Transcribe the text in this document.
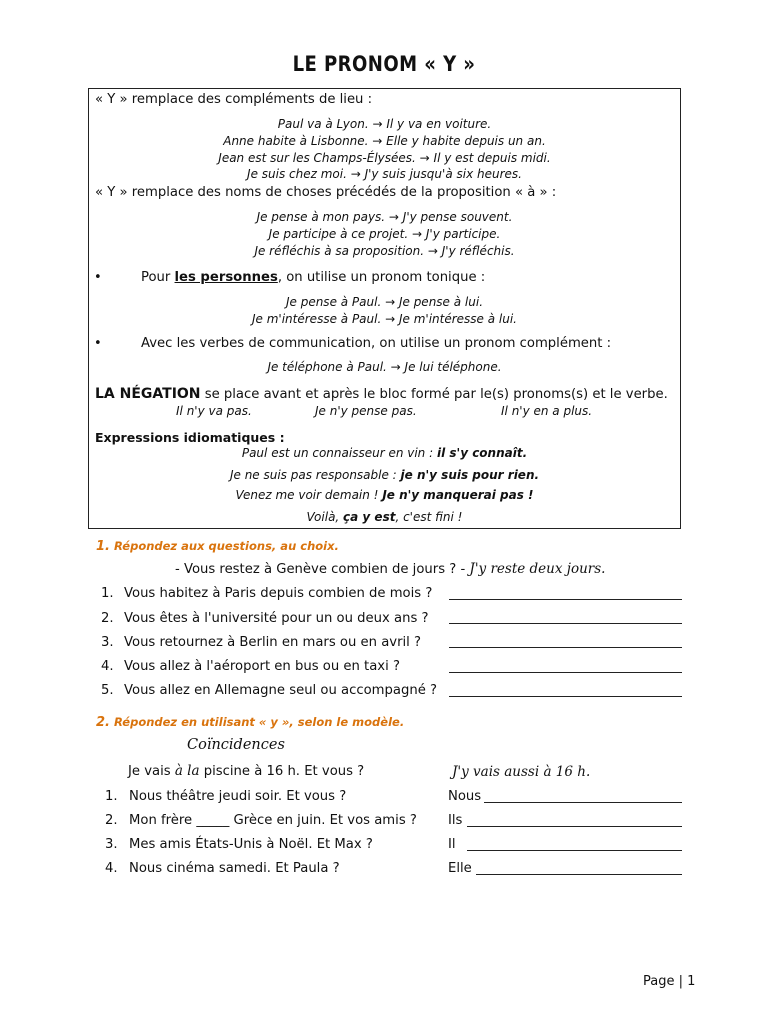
LE PRONOM « Y »
« Y » remplace des compléments de lieu :
Paul va à Lyon. → Il y va en voiture.
Anne habite à Lisbonne. → Elle y habite depuis un an.
Jean est sur les Champs-Élysées. → Il y est depuis midi.
Je suis chez moi. → J'y suis jusqu'à six heures.
« Y » remplace des noms de choses précédés de la proposition « à » :
Je pense à mon pays. → J'y pense souvent.
Je participe à ce projet. → J'y participe.
Je réfléchis à sa proposition. → J'y réfléchis.
•	Pour les personnes, on utilise un pronom tonique :
Je pense à Paul. → Je pense à lui.
Je m'intéresse à Paul. → Je m'intéresse à lui.
•	Avec les verbes de communication, on utilise un pronom complément :
Je téléphone à Paul. → Je lui téléphone.
LA NÉGATION se place avant et après le bloc formé par le(s) pronoms(s) et le verbe.
Il n'y va pas.	Je n'y pense pas.	Il n'y en a plus.
Expressions idiomatiques :
Paul est un connaisseur en vin : il s'y connaît.
Je ne suis pas responsable : je n'y suis pour rien.
Venez me voir demain ! Je n'y manquerai pas !
Voilà, ça y est, c'est fini !
1. Répondez aux questions, au choix.
- Vous restez à Genève combien de jours ? - J'y reste deux jours.
1. Vous habitez à Paris depuis combien de mois ?
2. Vous êtes à l'université pour un ou deux ans ?
3. Vous retournez à Berlin en mars ou en avril ?
4. Vous allez à l'aéroport en bus ou en taxi ?
5. Vous allez en Allemagne seul ou accompagné ?
2. Répondez en utilisant « y », selon le modèle.
Coïncidences
Je vais à la piscine à 16 h. Et vous ?	J'y vais aussi à 16 h.
1. Nous théâtre jeudi soir. Et vous ?	Nous
2. Mon frère _____ Grèce en juin. Et vos amis ? Ils
3. Mes amis États-Unis à Noël. Et Max ?	Il
4. Nous cinéma samedi. Et Paula ?	Elle
Page | 1
